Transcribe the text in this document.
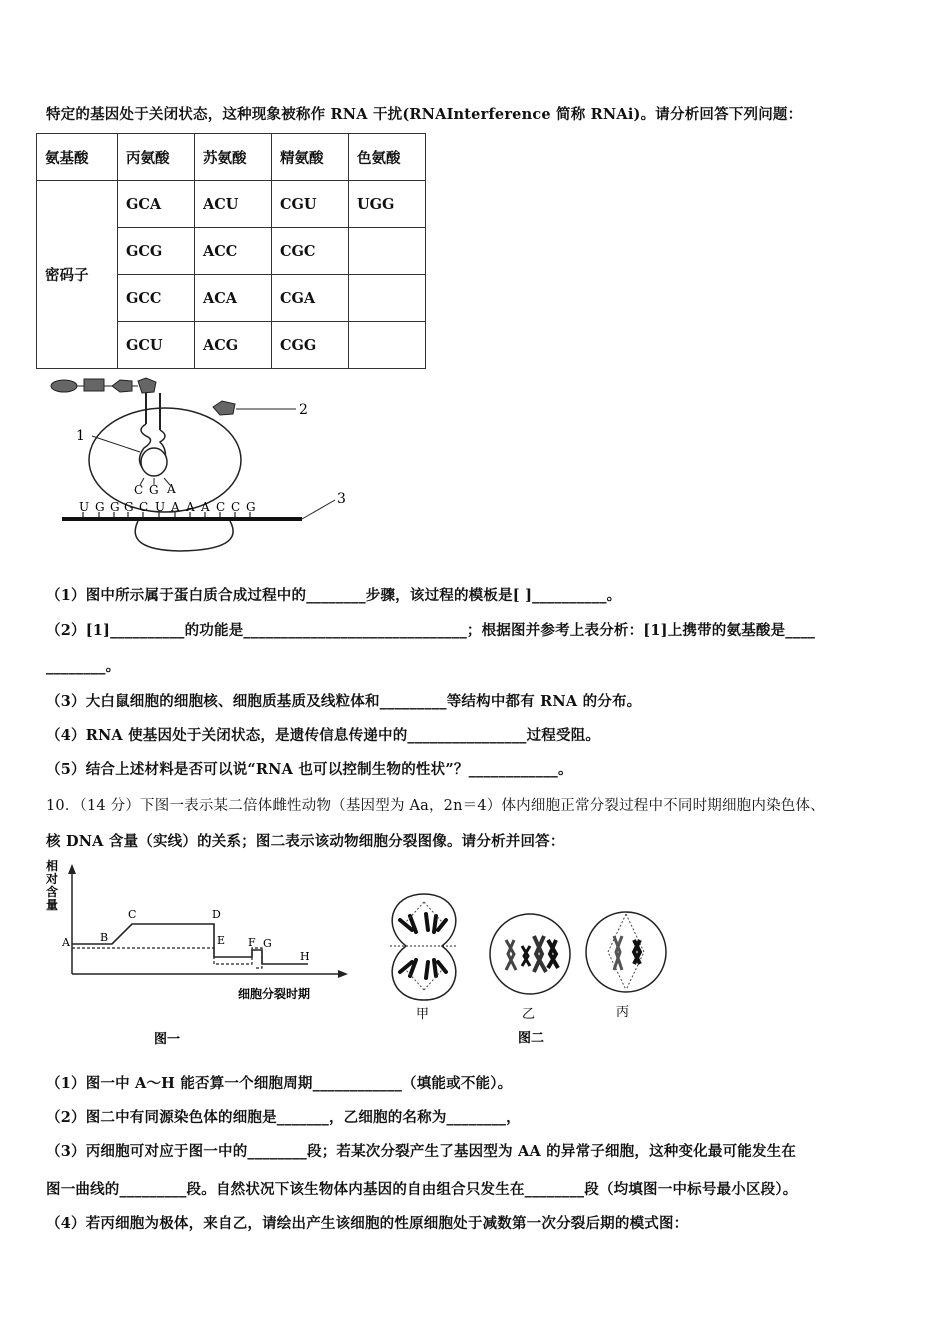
特定的基因处于关闭状态，这种现象被称作 RNA 干扰(RNAInterference 简称 RNAi)。请分析回答下列问题：
氨基酸	丙氨酸	苏氨酸	精氨酸	色氨酸
密码子	GCA	ACU	CGU	UGG
	GCG	ACC	CGC	
	GCC	ACA	CGA	
	GCU	ACG	CGG	
2
1
C G A
U G G G C U A A A C C G	3
（1）图中所示属于蛋白质合成过程中的________步骤，该过程的模板是[ ]__________。
（2）[1]__________的功能是______________________________；根据图并参考上表分析：[1]上携带的氨基酸是____
________。
（3）大白鼠细胞的细胞核、细胞质基质及线粒体和_________等结构中都有 RNA 的分布。
（4）RNA 使基因处于关闭状态，是遗传信息传递中的________________过程受阻。
（5）结合上述材料是否可以说“RNA 也可以控制生物的性状”？____________。
10．（14 分）下图一表示某二倍体雌性动物（基因型为 Aa，2n＝4）体内细胞正常分裂过程中不同时期细胞内染色体、
核 DNA 含量（实线）的关系；图二表示该动物细胞分裂图像。请分析并回答：
相
对
含
量
A	B
C	D
E F G
H
细胞分裂时期
图一
甲	乙	丙
图二
（1）图一中 A～H 能否算一个细胞周期____________（填能或不能）。
（2）图二中有同源染色体的细胞是_______，乙细胞的名称为________，
（3）丙细胞可对应于图一中的________段；若某次分裂产生了基因型为 AA 的异常子细胞，这种变化最可能发生在
图一曲线的_________段。自然状况下该生物体内基因的自由组合只发生在________段（均填图一中标号最小区段）。
（4）若丙细胞为极体，来自乙，请绘出产生该细胞的性原细胞处于减数第一次分裂后期的模式图：
